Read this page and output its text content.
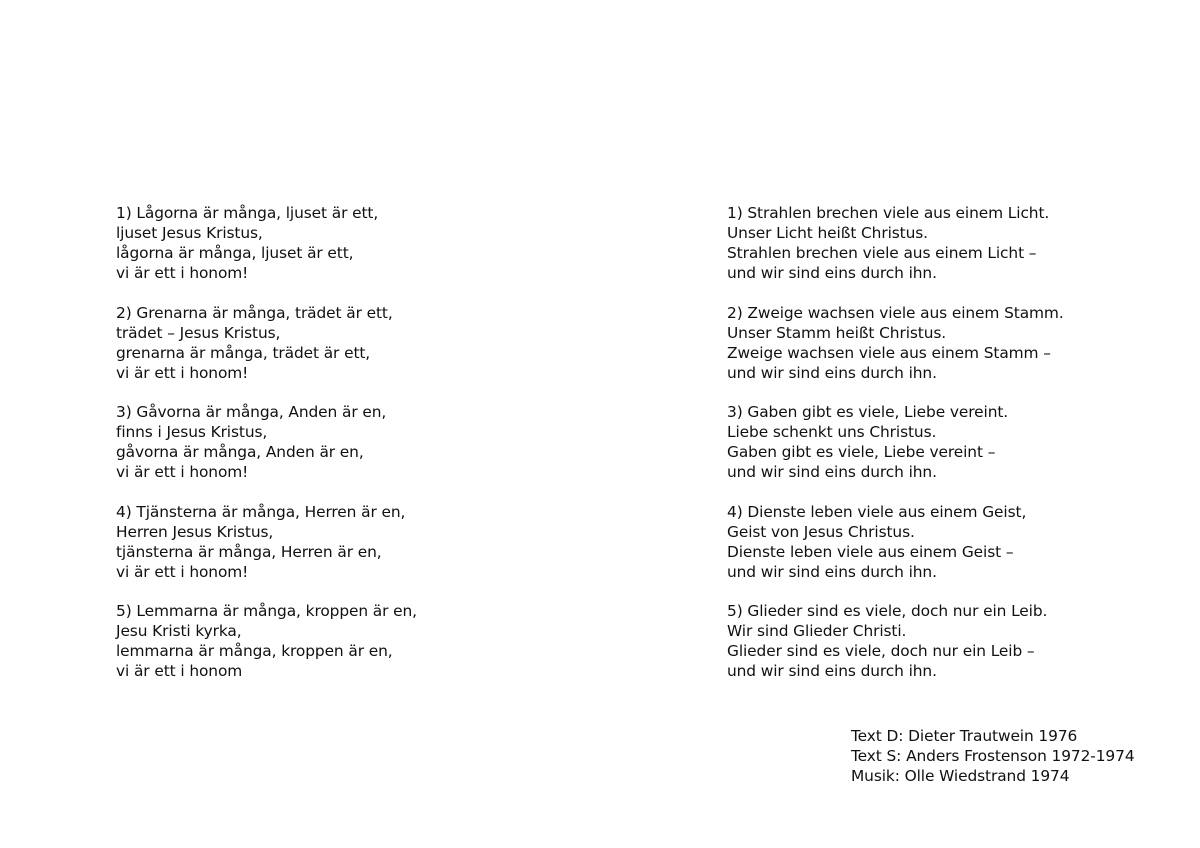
1) Lågorna är många, ljuset är ett,
ljuset Jesus Kristus,
lågorna är många, ljuset är ett,
vi är ett i honom!
2) Grenarna är många, trädet är ett,
trädet – Jesus Kristus,
grenarna är många, trädet är ett,
vi är ett i honom!
3) Gåvorna är många, Anden är en,
finns i Jesus Kristus,
gåvorna är många, Anden är en,
vi är ett i honom!
4) Tjänsterna är många, Herren är en,
Herren Jesus Kristus,
tjänsterna är många, Herren är en,
vi är ett i honom!
5) Lemmarna är många, kroppen är en,
Jesu Kristi kyrka,
lemmarna är många, kroppen är en,
vi är ett i honom
1) Strahlen brechen viele aus einem Licht.
Unser Licht heißt Christus.
Strahlen brechen viele aus einem Licht –
und wir sind eins durch ihn.
2) Zweige wachsen viele aus einem Stamm.
Unser Stamm heißt Christus.
Zweige wachsen viele aus einem Stamm –
und wir sind eins durch ihn.
3) Gaben gibt es viele, Liebe vereint.
Liebe schenkt uns Christus.
Gaben gibt es viele, Liebe vereint –
und wir sind eins durch ihn.
4) Dienste leben viele aus einem Geist,
Geist von Jesus Christus.
Dienste leben viele aus einem Geist –
und wir sind eins durch ihn.
5) Glieder sind es viele, doch nur ein Leib.
Wir sind Glieder Christi.
Glieder sind es viele, doch nur ein Leib –
und wir sind eins durch ihn.
Text D: Dieter Trautwein 1976
Text S: Anders Frostenson 1972-1974
Musik: Olle Wiedstrand 1974
